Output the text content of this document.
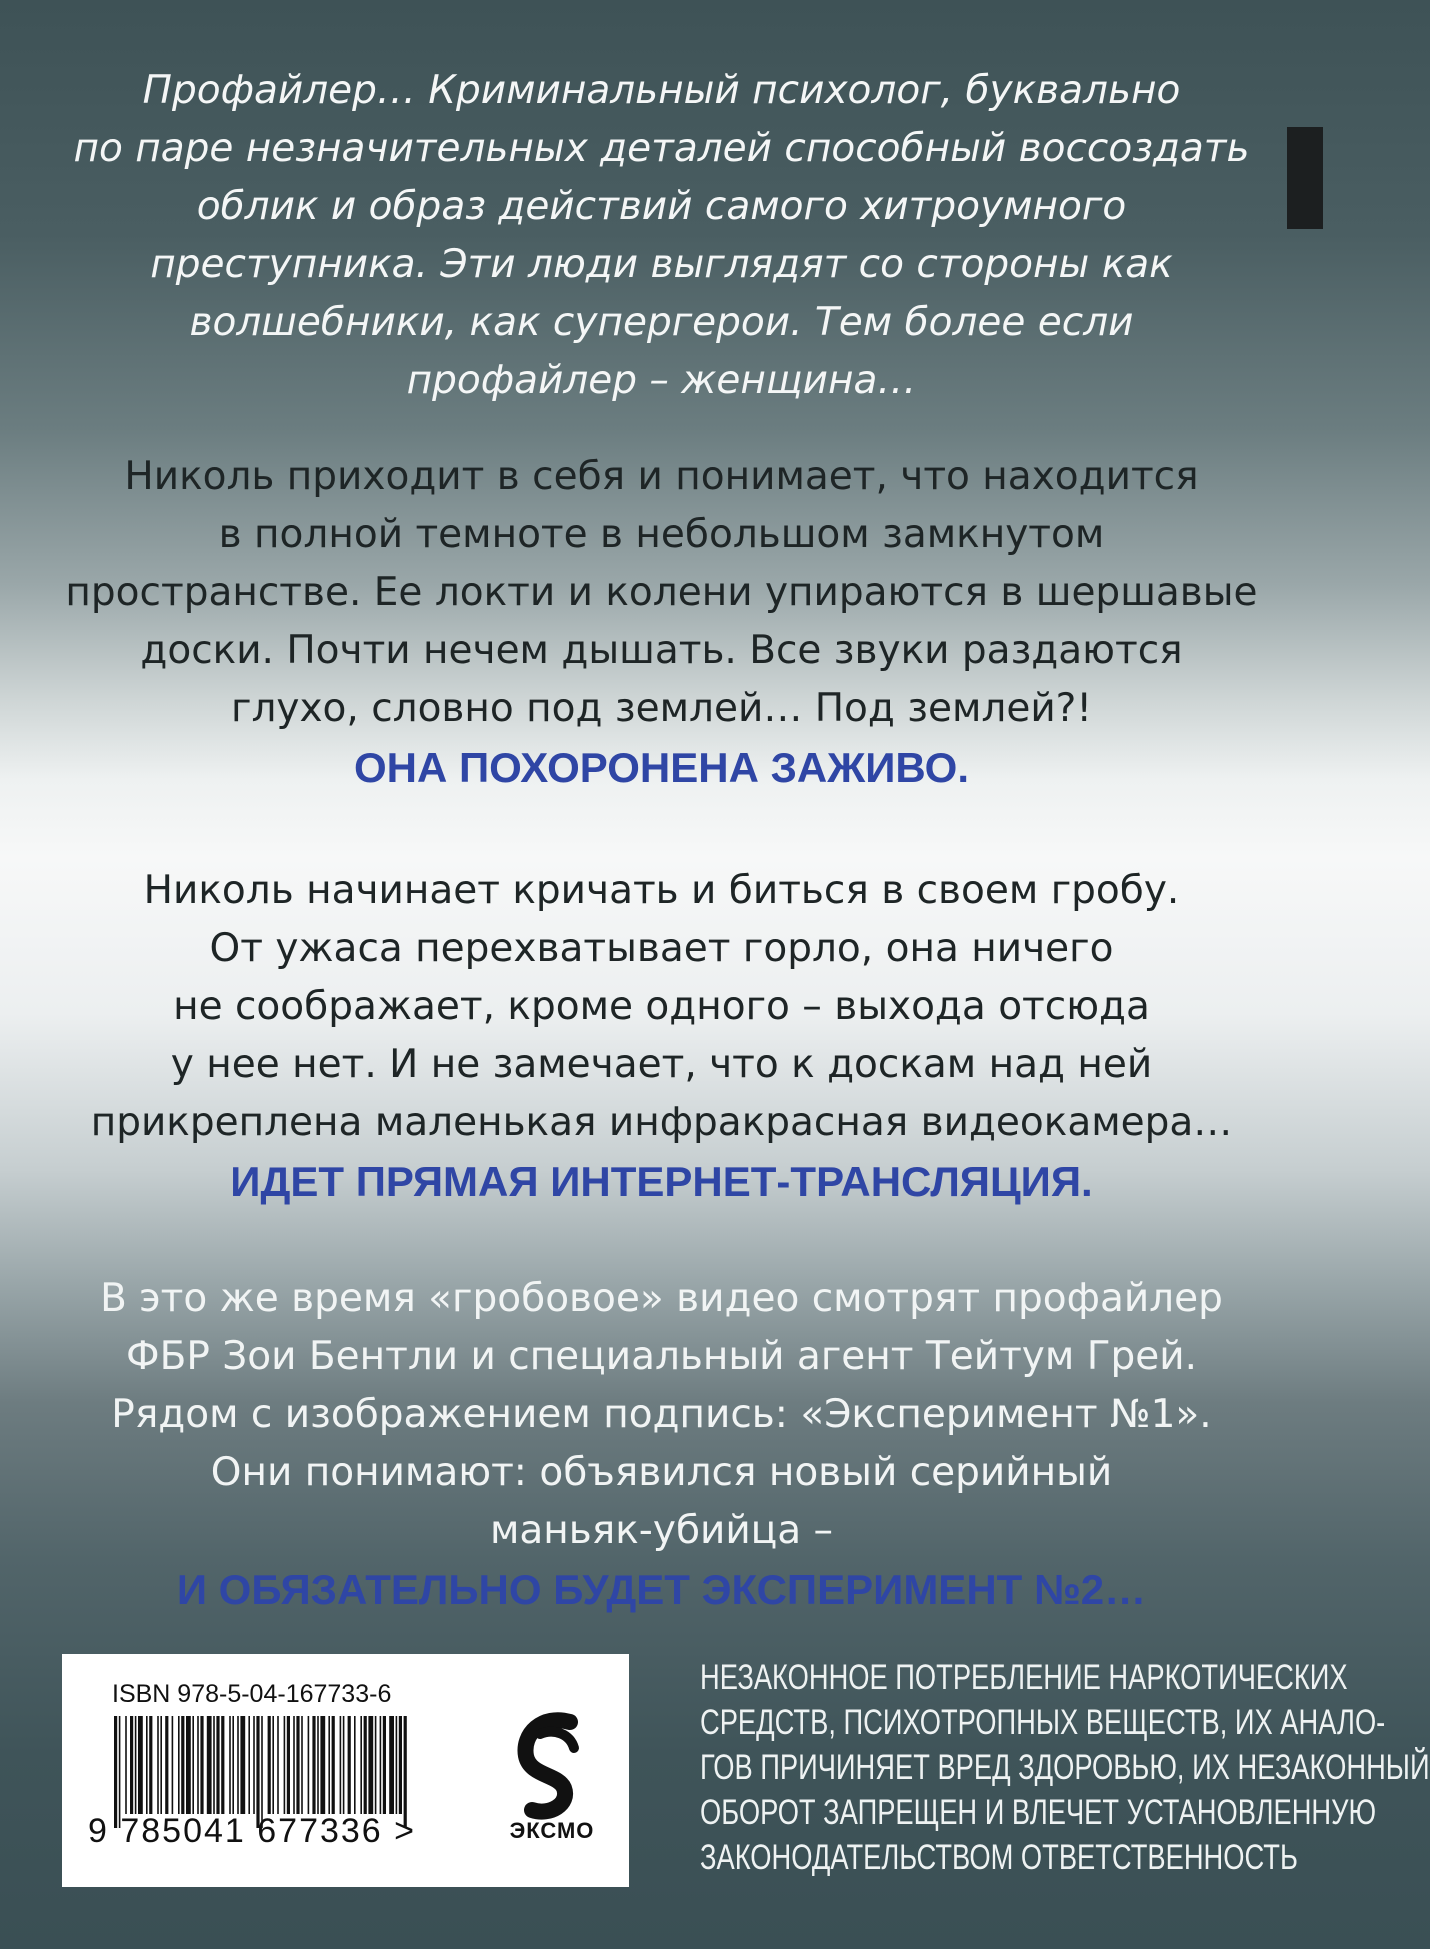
Профайлер… Криминальный психолог, буквально
по паре незначительных деталей способный воссоздать
облик и образ действий самого хитроумного
преступника. Эти люди выглядят со стороны как
волшебники, как супергерои. Тем более если
профайлер – женщина…
Николь приходит в себя и понимает, что находится
в полной темноте в небольшом замкнутом
пространстве. Ее локти и колени упираются в шершавые
доски. Почти нечем дышать. Все звуки раздаются
глухо, словно под землей… Под землей?!
ОНА ПОХОРОНЕНА ЗАЖИВО.
Николь начинает кричать и биться в своем гробу.
От ужаса перехватывает горло, она ничего
не соображает, кроме одного – выхода отсюда
у нее нет. И не замечает, что к доскам над ней
прикреплена маленькая инфракрасная видеокамера…
ИДЕТ ПРЯМАЯ ИНТЕРНЕТ-ТРАНСЛЯЦИЯ.
В это же время «гробовое» видео смотрят профайлер
ФБР Зои Бентли и специальный агент Тейтум Грей.
Рядом с изображением подпись: «Эксперимент №1».
Они понимают: объявился новый серийный
маньяк-убийца –
И ОБЯЗАТЕЛЬНО БУДЕТ ЭКСПЕРИМЕНТ №2…
ISBN 978-5-04-167733-6
9 785041 677336 >	ЭКСМО
НЕЗАКОННОЕ ПОТРЕБЛЕНИЕ НАРКОТИЧЕСКИХ
СРЕДСТВ, ПСИХОТРОПНЫХ ВЕЩЕСТВ, ИХ АНАЛО-
ГОВ ПРИЧИНЯЕТ ВРЕД ЗДОРОВЬЮ, ИХ НЕЗАКОННЫЙ
ОБОРОТ ЗАПРЕЩЕН И ВЛЕЧЕТ УСТАНОВЛЕННУЮ
ЗАКОНОДАТЕЛЬСТВОМ ОТВЕТСТВЕННОСТЬ
